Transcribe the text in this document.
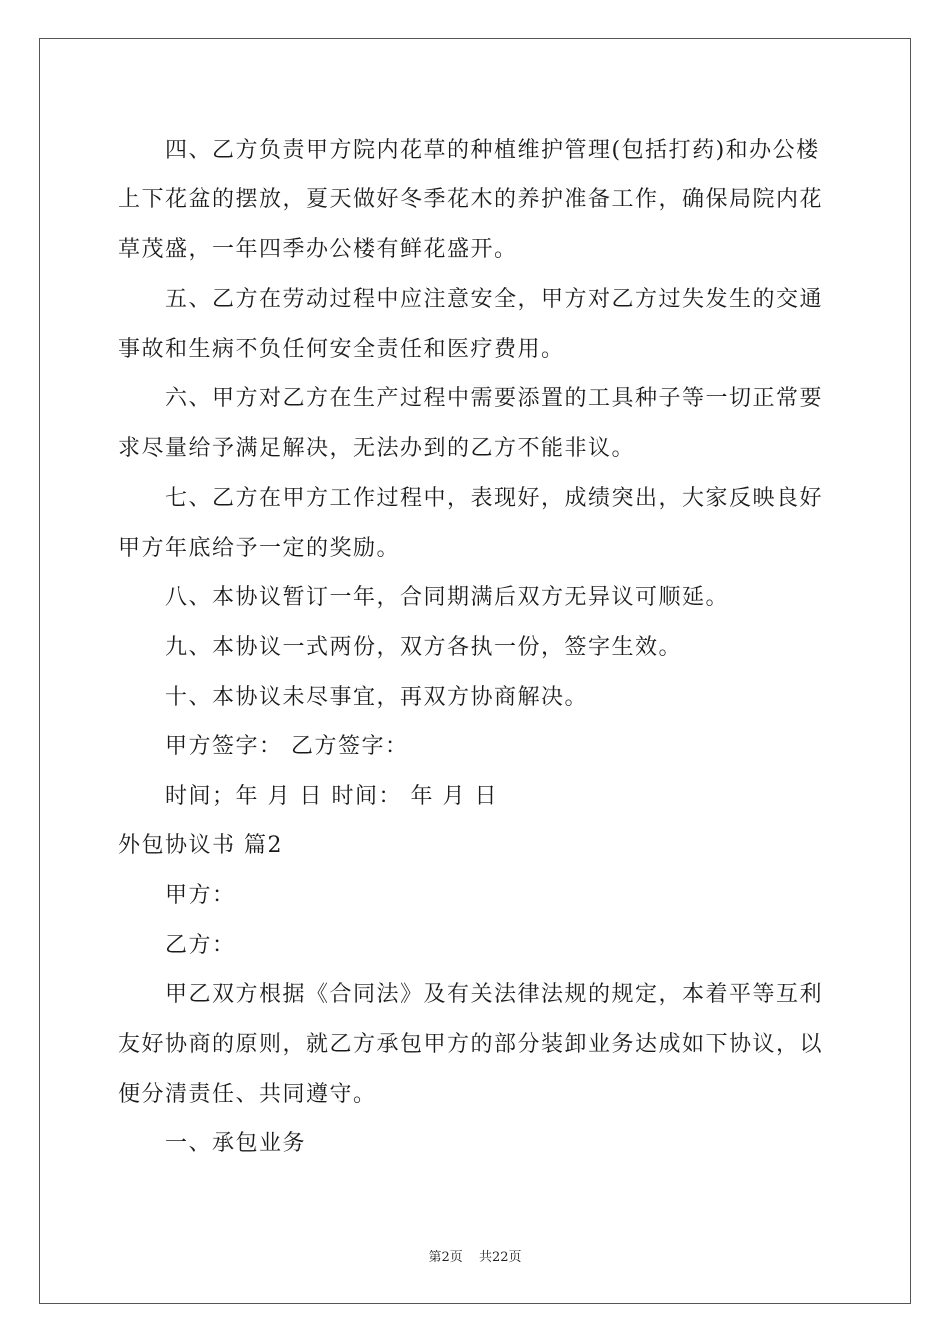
四、乙方负责甲方院内花草的种植维护管理(包括打药)和办公楼
上下花盆的摆放，夏天做好冬季花木的养护准备工作，确保局院内花
草茂盛，一年四季办公楼有鲜花盛开。
五、乙方在劳动过程中应注意安全，甲方对乙方过失发生的交通
事故和生病不负任何安全责任和医疗费用。
六、甲方对乙方在生产过程中需要添置的工具种子等一切正常要
求尽量给予满足解决，无法办到的乙方不能非议。
七、乙方在甲方工作过程中，表现好，成绩突出，大家反映良好
甲方年底给予一定的奖励。
八、本协议暂订一年，合同期满后双方无异议可顺延。
九、本协议一式两份，双方各执一份，签字生效。
十、本协议未尽事宜，再双方协商解决。
甲方签字： 乙方签字：
时间；年 月 日 时间： 年 月 日
外包协议书 篇2
甲方：
乙方：
甲乙双方根据《合同法》及有关法律法规的规定，本着平等互利
友好协商的原则，就乙方承包甲方的部分装卸业务达成如下协议，以
便分清责任、共同遵守。
一、承包业务
第2页 共22页
